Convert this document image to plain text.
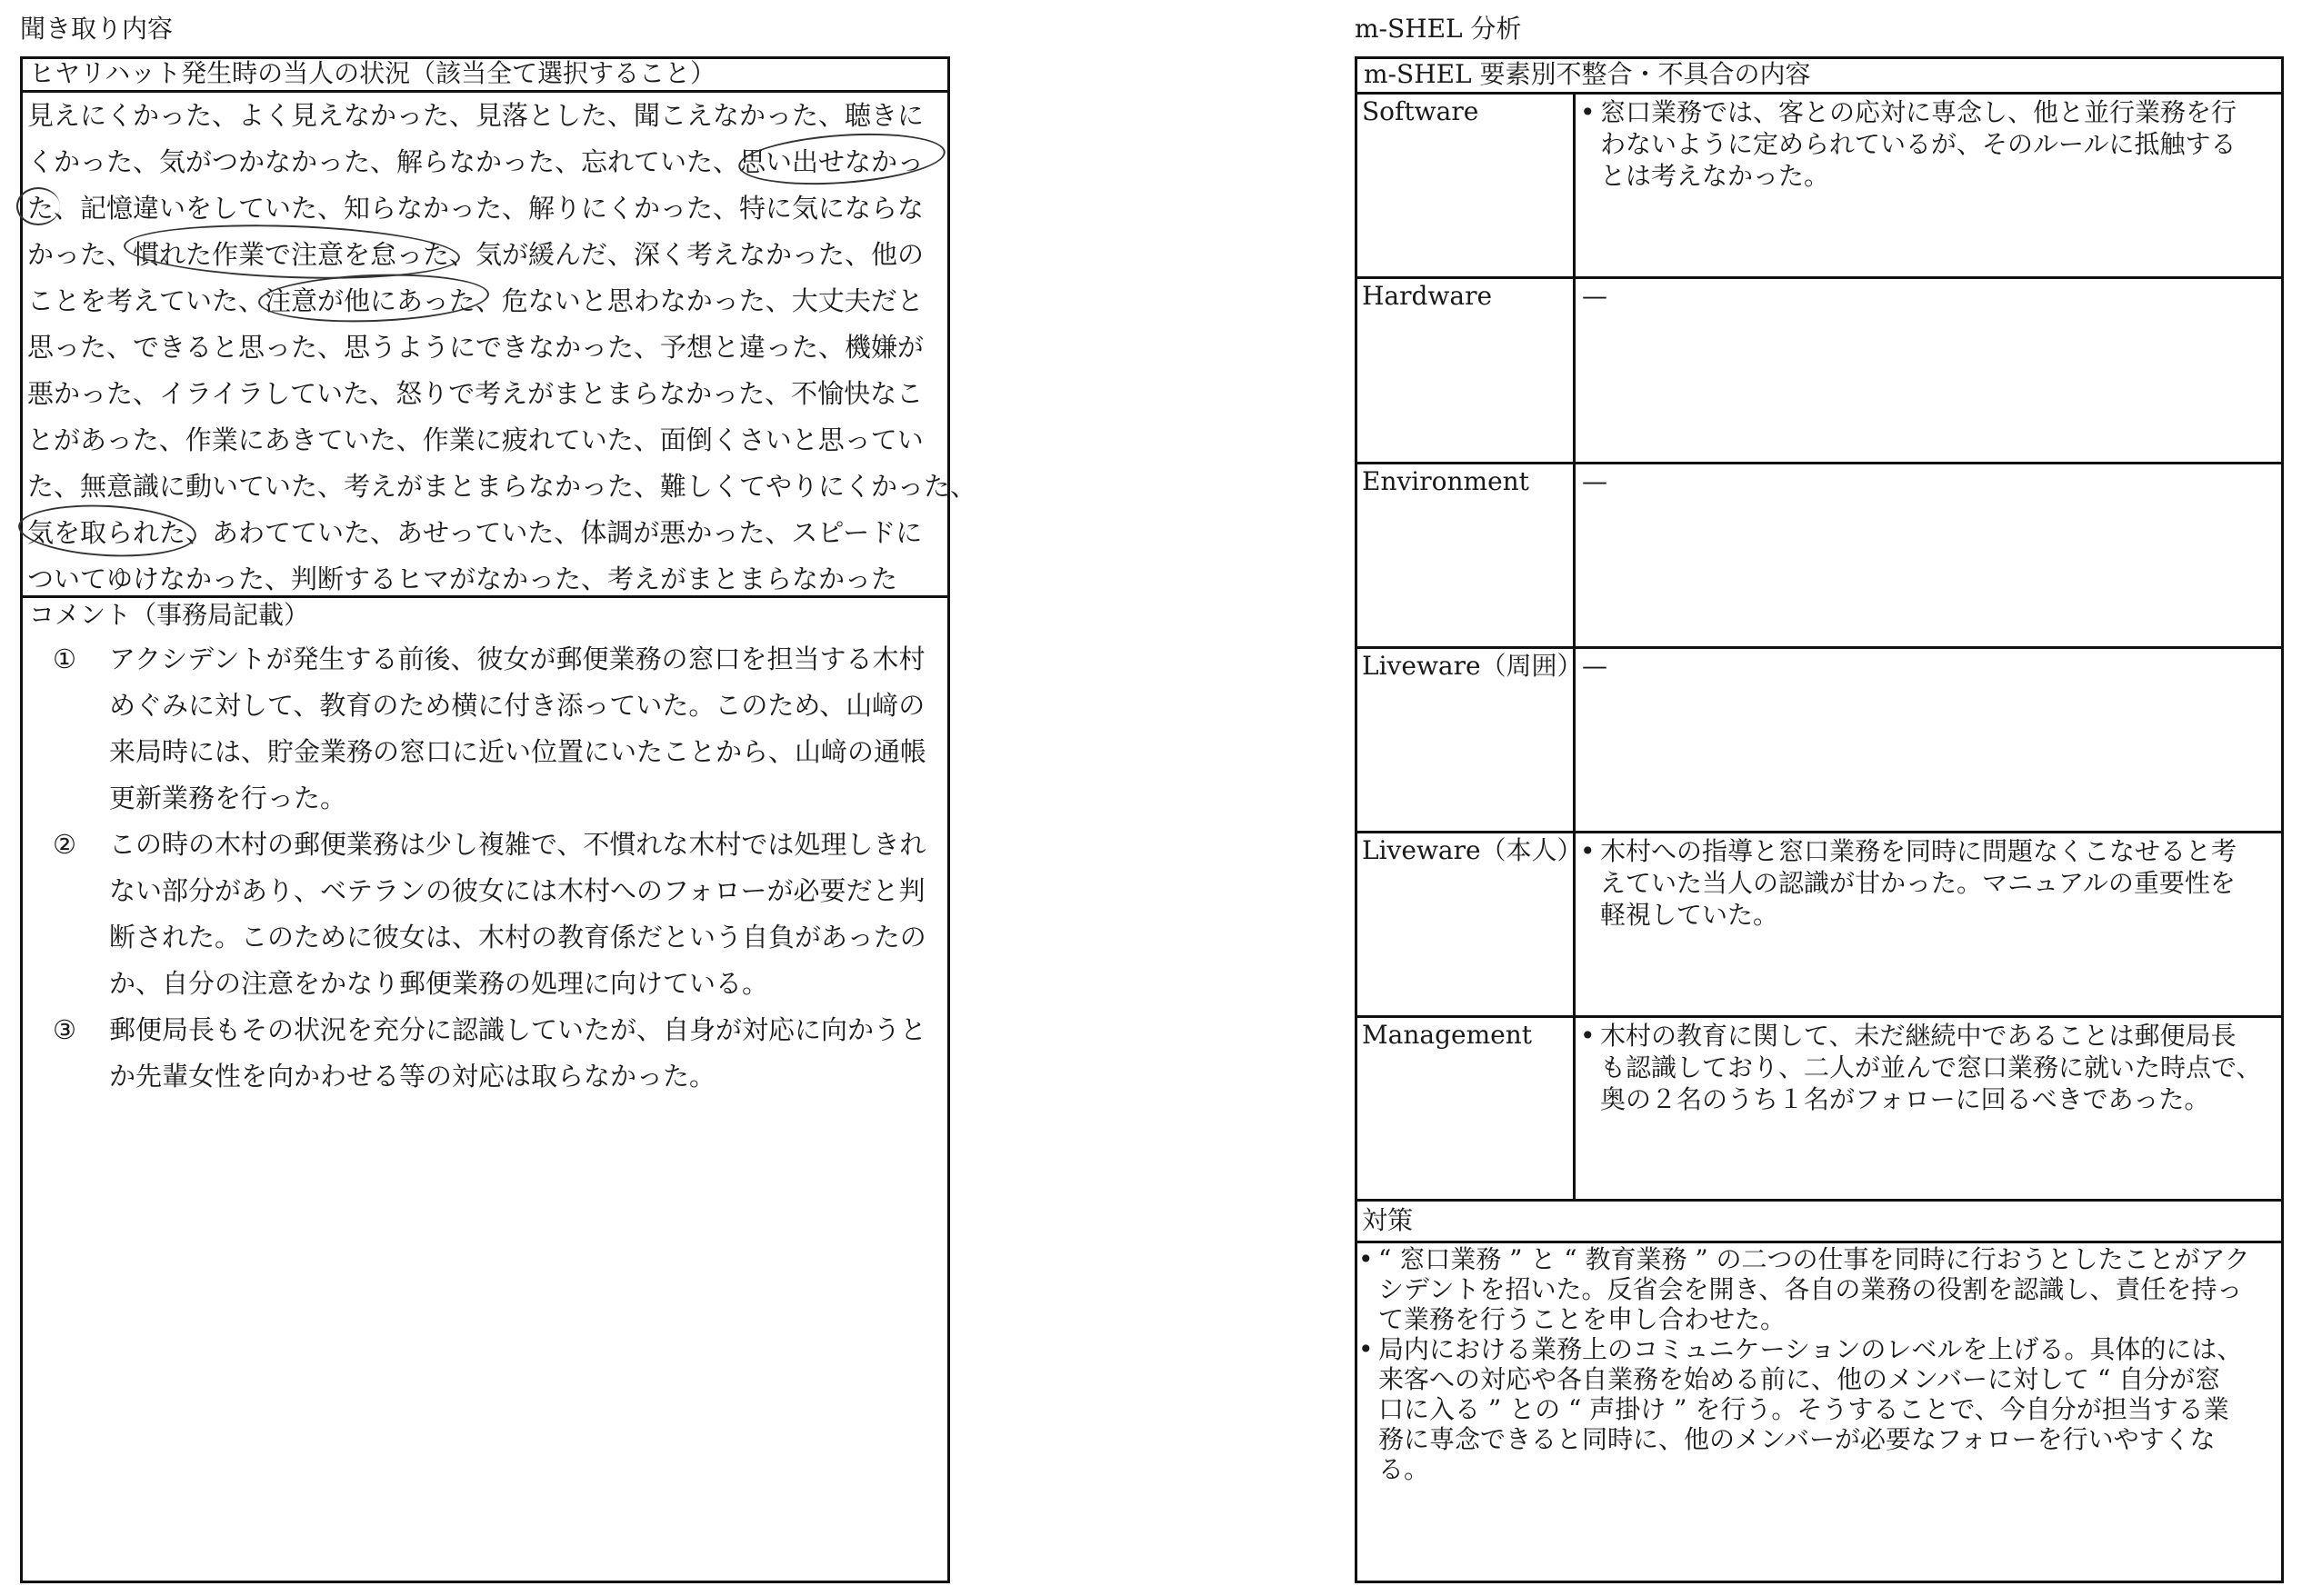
聞き取り内容
ヒヤリハット発生時の当人の状況（該当全て選択すること）
見えにくかった、よく見えなかった、見落とした、聞こえなかった、聴きに
くかった、気がつかなかった、解らなかった、忘れていた、思い出せなかっ
た、記憶違いをしていた、知らなかった、解りにくかった、特に気にならな
かった、慣れた作業で注意を怠った、気が緩んだ、深く考えなかった、他の
ことを考えていた、注意が他にあった、危ないと思わなかった、大丈夫だと
思った、できると思った、思うようにできなかった、予想と違った、機嫌が
悪かった、イライラしていた、怒りで考えがまとまらなかった、不愉快なこ
とがあった、作業にあきていた、作業に疲れていた、面倒くさいと思ってい
た、無意識に動いていた、考えがまとまらなかった、難しくてやりにくかった、
気を取られた、あわてていた、あせっていた、体調が悪かった、スピードに
ついてゆけなかった、判断するヒマがなかった、考えがまとまらなかった
コメント（事務局記載）
① アクシデントが発生する前後、彼女が郵便業務の窓口を担当する木村
めぐみに対して、教育のため横に付き添っていた。このため、山﨑の
来局時には、貯金業務の窓口に近い位置にいたことから、山﨑の通帳
更新業務を行った。
② この時の木村の郵便業務は少し複雑で、不慣れな木村では処理しきれ
ない部分があり、ベテランの彼女には木村へのフォローが必要だと判
断された。このために彼女は、木村の教育係だという自負があったの
か、自分の注意をかなり郵便業務の処理に向けている。
③ 郵便局長もその状況を充分に認識していたが、自身が対応に向かうと
か先輩女性を向かわせる等の対応は取らなかった。
m-SHEL 分析
m-SHEL 要素別不整合・不具合の内容
Software	• 窓口業務では、客との応対に専念し、他と並行業務を行
わないように定められているが、そのルールに抵触する
とは考えなかった。
Hardware	—
Environment —
Liveware（周囲） —
Liveware（本人）
• 木村への指導と窓口業務を同時に問題なくこなせると考
えていた当人の認識が甘かった。マニュアルの重要性を
軽視していた。
Management • 木村の教育に関して、未だ継続中であることは郵便局長
も認識しており、二人が並んで窓口業務に就いた時点で、
奥の２名のうち１名がフォローに回るべきであった。
対策
• “ 窓口業務 ” と “ 教育業務 ” の二つの仕事を同時に行おうとしたことがアク
シデントを招いた。反省会を開き、各自の業務の役割を認識し、責任を持っ
て業務を行うことを申し合わせた。
• 局内における業務上のコミュニケーションのレベルを上げる。具体的には、
来客への対応や各自業務を始める前に、他のメンバーに対して “ 自分が窓
口に入る ” との “ 声掛け ” を行う。そうすることで、今自分が担当する業
務に専念できると同時に、他のメンバーが必要なフォローを行いやすくな
る。
